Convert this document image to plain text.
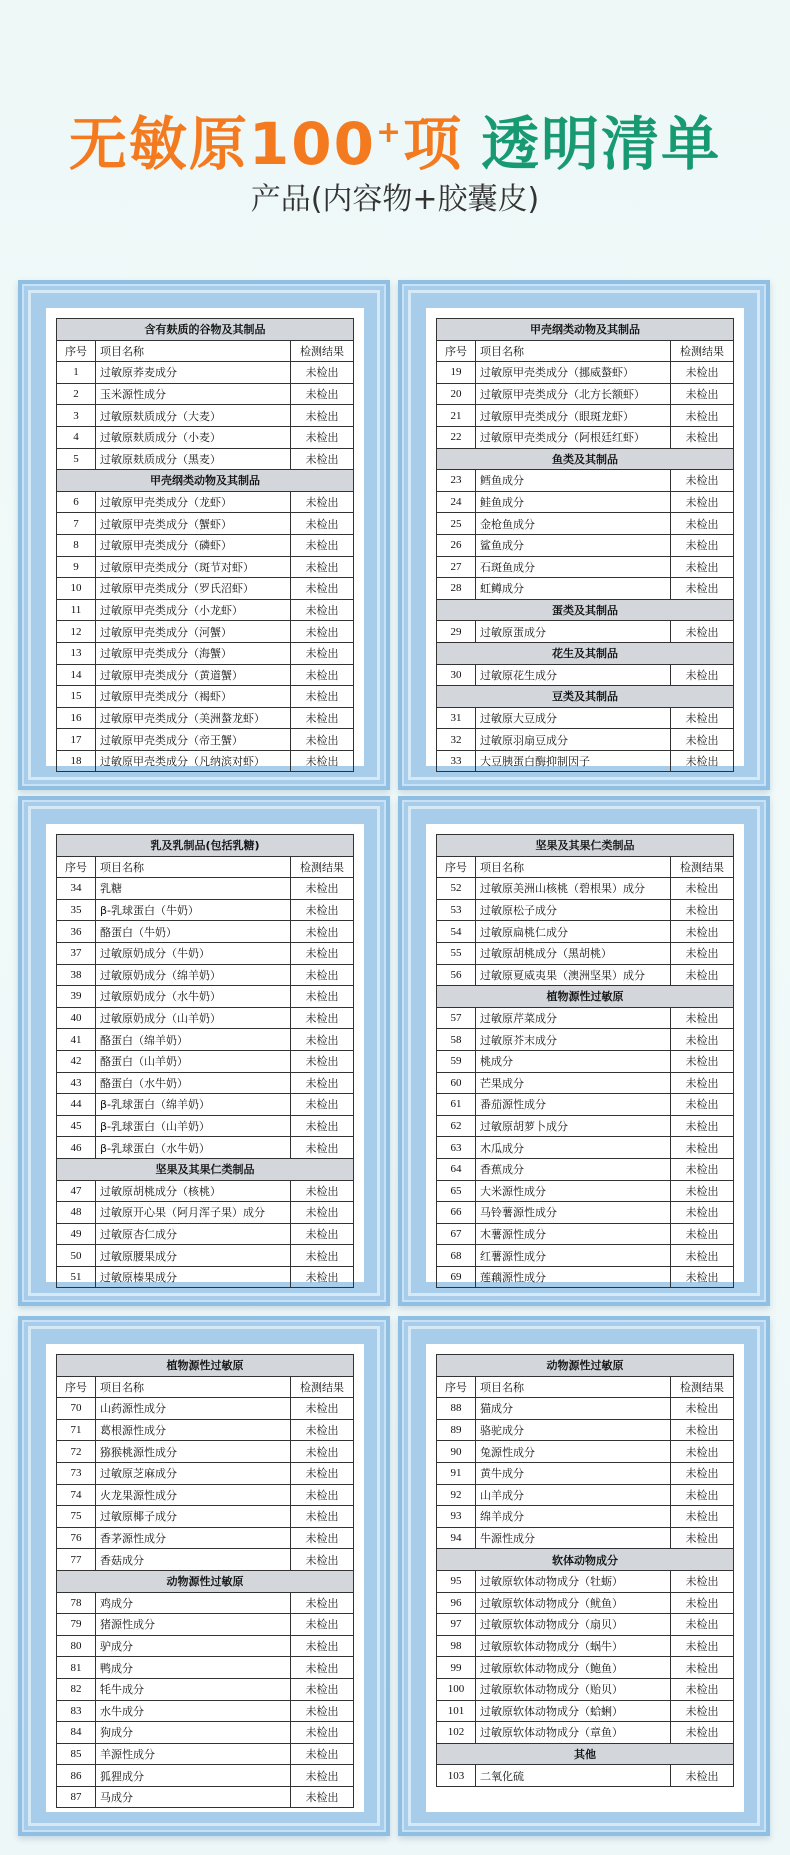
无敏原100+项 透明清单
产品(内容物+胶囊皮)
含有麸质的谷物及其制品		
序号	项目名称	检测结果
1	过敏原荞麦成分	未检出
2	玉米源性成分	未检出
3	过敏原麸质成分（大麦）	未检出
4	过敏原麸质成分（小麦）	未检出
5	过敏原麸质成分（黑麦）	未检出
甲壳纲类动物及其制品		
6	过敏原甲壳类成分（龙虾）	未检出
7	过敏原甲壳类成分（蟹虾）	未检出
8	过敏原甲壳类成分（磷虾）	未检出
9	过敏原甲壳类成分（斑节对虾）	未检出
10	过敏原甲壳类成分（罗氏沼虾）	未检出
11	过敏原甲壳类成分（小龙虾）	未检出
12	过敏原甲壳类成分（河蟹）	未检出
13	过敏原甲壳类成分（海蟹）	未检出
14	过敏原甲壳类成分（黄道蟹）	未检出
15	过敏原甲壳类成分（褐虾）	未检出
16	过敏原甲壳类成分（美洲螯龙虾）	未检出
17	过敏原甲壳类成分（帝王蟹）	未检出
18	过敏原甲壳类成分（凡纳滨对虾）	未检出
甲壳纲类动物及其制品		
序号	项目名称	检测结果
19	过敏原甲壳类成分（挪威螯虾）	未检出
20	过敏原甲壳类成分（北方长额虾）	未检出
21	过敏原甲壳类成分（眼斑龙虾）	未检出
22	过敏原甲壳类成分（阿根廷红虾）	未检出
鱼类及其制品		
23	鳕鱼成分	未检出
24	鲑鱼成分	未检出
25	金枪鱼成分	未检出
26	鲨鱼成分	未检出
27	石斑鱼成分	未检出
28	虹鳟成分	未检出
蛋类及其制品		
29	过敏原蛋成分	未检出
花生及其制品		
30	过敏原花生成分	未检出
豆类及其制品		
31	过敏原大豆成分	未检出
32	过敏原羽扇豆成分	未检出
33	大豆胰蛋白酶抑制因子	未检出
乳及乳制品(包括乳糖)		
序号	项目名称	检测结果
34	乳糖	未检出
35	β-乳球蛋白（牛奶）	未检出
36	酪蛋白（牛奶）	未检出
37	过敏原奶成分（牛奶）	未检出
38	过敏原奶成分（绵羊奶）	未检出
39	过敏原奶成分（水牛奶）	未检出
40	过敏原奶成分（山羊奶）	未检出
41	酪蛋白（绵羊奶）	未检出
42	酪蛋白（山羊奶）	未检出
43	酪蛋白（水牛奶）	未检出
44	β-乳球蛋白（绵羊奶）	未检出
45	β-乳球蛋白（山羊奶）	未检出
46	β-乳球蛋白（水牛奶）	未检出
坚果及其果仁类制品		
47	过敏原胡桃成分（核桃）	未检出
48	过敏原开心果（阿月浑子果）成分	未检出
49	过敏原杏仁成分	未检出
50	过敏原腰果成分	未检出
51	过敏原榛果成分	未检出
坚果及其果仁类制品		
序号	项目名称	检测结果
52	过敏原美洲山核桃（碧根果）成分	未检出
53	过敏原松子成分	未检出
54	过敏原扁桃仁成分	未检出
55	过敏原胡桃成分（黑胡桃）	未检出
56	过敏原夏威夷果（澳洲坚果）成分	未检出
植物源性过敏原		
57	过敏原芹菜成分	未检出
58	过敏原芥末成分	未检出
59	桃成分	未检出
60	芒果成分	未检出
61	番茄源性成分	未检出
62	过敏原胡萝卜成分	未检出
63	木瓜成分	未检出
64	香蕉成分	未检出
65	大米源性成分	未检出
66	马铃薯源性成分	未检出
67	木薯源性成分	未检出
68	红薯源性成分	未检出
69	莲藕源性成分	未检出
植物源性过敏原		
序号	项目名称	检测结果
70	山药源性成分	未检出
71	葛根源性成分	未检出
72	猕猴桃源性成分	未检出
73	过敏原芝麻成分	未检出
74	火龙果源性成分	未检出
75	过敏原椰子成分	未检出
76	香茅源性成分	未检出
77	香菇成分	未检出
动物源性过敏原		
78	鸡成分	未检出
79	猪源性成分	未检出
80	驴成分	未检出
81	鸭成分	未检出
82	牦牛成分	未检出
83	水牛成分	未检出
84	狗成分	未检出
85	羊源性成分	未检出
86	狐狸成分	未检出
87	马成分	未检出
动物源性过敏原		
序号	项目名称	检测结果
88	猫成分	未检出
89	骆驼成分	未检出
90	兔源性成分	未检出
91	黄牛成分	未检出
92	山羊成分	未检出
93	绵羊成分	未检出
94	牛源性成分	未检出
软体动物成分		
95	过敏原软体动物成分（牡蛎）	未检出
96	过敏原软体动物成分（鱿鱼）	未检出
97	过敏原软体动物成分（扇贝）	未检出
98	过敏原软体动物成分（蜗牛）	未检出
99	过敏原软体动物成分（鲍鱼）	未检出
100	过敏原软体动物成分（贻贝）	未检出
101	过敏原软体动物成分（蛤蜊）	未检出
102	过敏原软体动物成分（章鱼）	未检出
其他		
103	二氧化硫	未检出
